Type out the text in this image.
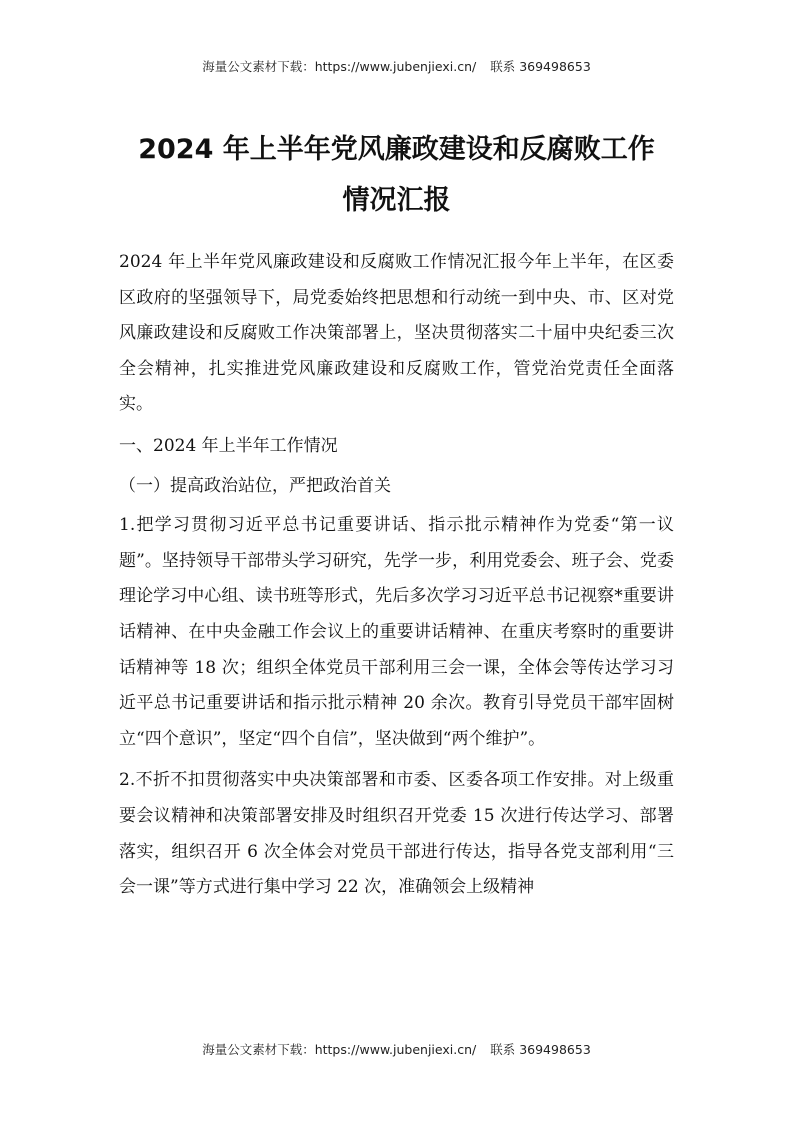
海量公文素材下载：https://www.jubenjiexi.cn/ 联系 369498653
2024 年上半年党风廉政建设和反腐败工作
情况汇报

2024 年上半年党风廉政建设和反腐败工作情况汇报今年上半年，在区委区政府的坚强领导下，局党委始终把思想和行动统一到中央、市、区对党风廉政建设和反腐败工作决策部署上，坚决贯彻落实二十届中央纪委三次全会精神，扎实推进党风廉政建设和反腐败工作，管党治党责任全面落实。

一、2024 年上半年工作情况

（一）提高政治站位，严把政治首关

1.把学习贯彻习近平总书记重要讲话、指示批示精神作为党委“第一议题”。坚持领导干部带头学习研究，先学一步，利用党委会、班子会、党委理论学习中心组、读书班等形式，先后多次学习习近平总书记视察*重要讲话精神、在中央金融工作会议上的重要讲话精神、在重庆考察时的重要讲话精神等 18 次；组织全体党员干部利用三会一课，全体会等传达学习习近平总书记重要讲话和指示批示精神 20 余次。教育引导党员干部牢固树立“四个意识”，坚定“四个自信”，坚决做到“两个维护”。

2.不折不扣贯彻落实中央决策部署和市委、区委各项工作安排。对上级重要会议精神和决策部署安排及时组织召开党委 15 次进行传达学习、部署落实，组织召开 6 次全体会对党员干部进行传达，指导各党支部利用“三会一课”等方式进行集中学习 22 次，准确领会上级精神

海量公文素材下载：https://www.jubenjiexi.cn/ 联系 369498653
